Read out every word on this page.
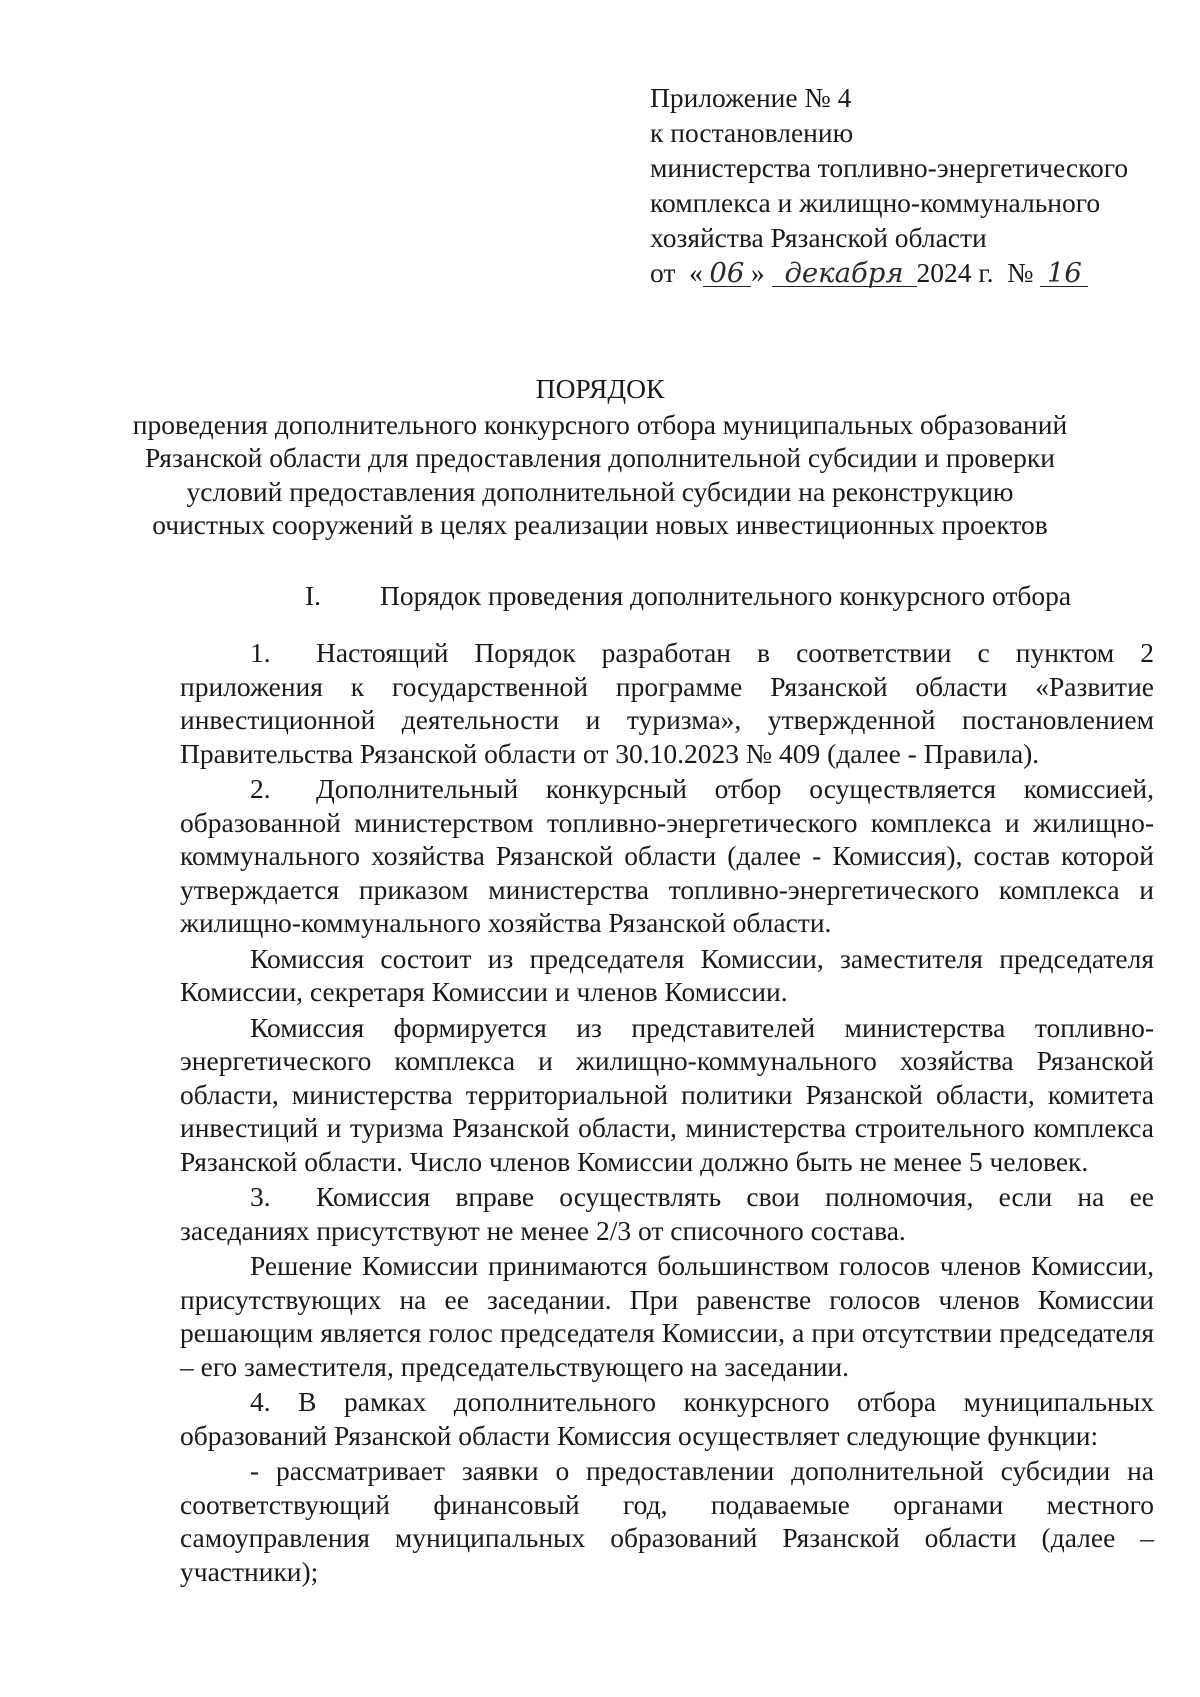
Приложение № 4
к постановлению
министерства топливно-энергетического
комплекса и жилищно-коммунального
хозяйства Рязанской области
от « 06 » декабря 2024 г. № 16
ПОРЯДОК
проведения дополнительного конкурсного отбора муниципальных образований
Рязанской области для предоставления дополнительной субсидии и проверки
условий предоставления дополнительной субсидии на реконструкцию
очистных сооружений в целях реализации новых инвестиционных проектов
I. Порядок проведения дополнительного конкурсного отбора

1. Настоящий Порядок разработан в соответствии с пунктом 2 приложения к государственной программе Рязанской области «Развитие инвестиционной деятельности и туризма», утвержденной постановлением Правительства Рязанской области от 30.10.2023 № 409 (далее - Правила).

2. Дополнительный конкурсный отбор осуществляется комиссией, образованной министерством топливно-энергетического комплекса и жилищно-коммунального хозяйства Рязанской области (далее - Комиссия), состав которой утверждается приказом министерства топливно-энергетического комплекса и жилищно-коммунального хозяйства Рязанской области.

Комиссия состоит из председателя Комиссии, заместителя председателя Комиссии, секретаря Комиссии и членов Комиссии.

Комиссия формируется из представителей министерства топливно-энергетического комплекса и жилищно-коммунального хозяйства Рязанской области, министерства территориальной политики Рязанской области, комитета инвестиций и туризма Рязанской области, министерства строительного комплекса Рязанской области. Число членов Комиссии должно быть не менее 5 человек.

3. Комиссия вправе осуществлять свои полномочия, если на ее заседаниях присутствуют не менее 2/3 от списочного состава.

Решение Комиссии принимаются большинством голосов членов Комиссии, присутствующих на ее заседании. При равенстве голосов членов Комиссии решающим является голос председателя Комиссии, а при отсутствии председателя – его заместителя, председательствующего на заседании.

4. В рамках дополнительного конкурсного отбора муниципальных образований Рязанской области Комиссия осуществляет следующие функции:

- рассматривает заявки о предоставлении дополнительной субсидии на соответствующий финансовый год, подаваемые органами местного самоуправления муниципальных образований Рязанской области (далее – участники);
